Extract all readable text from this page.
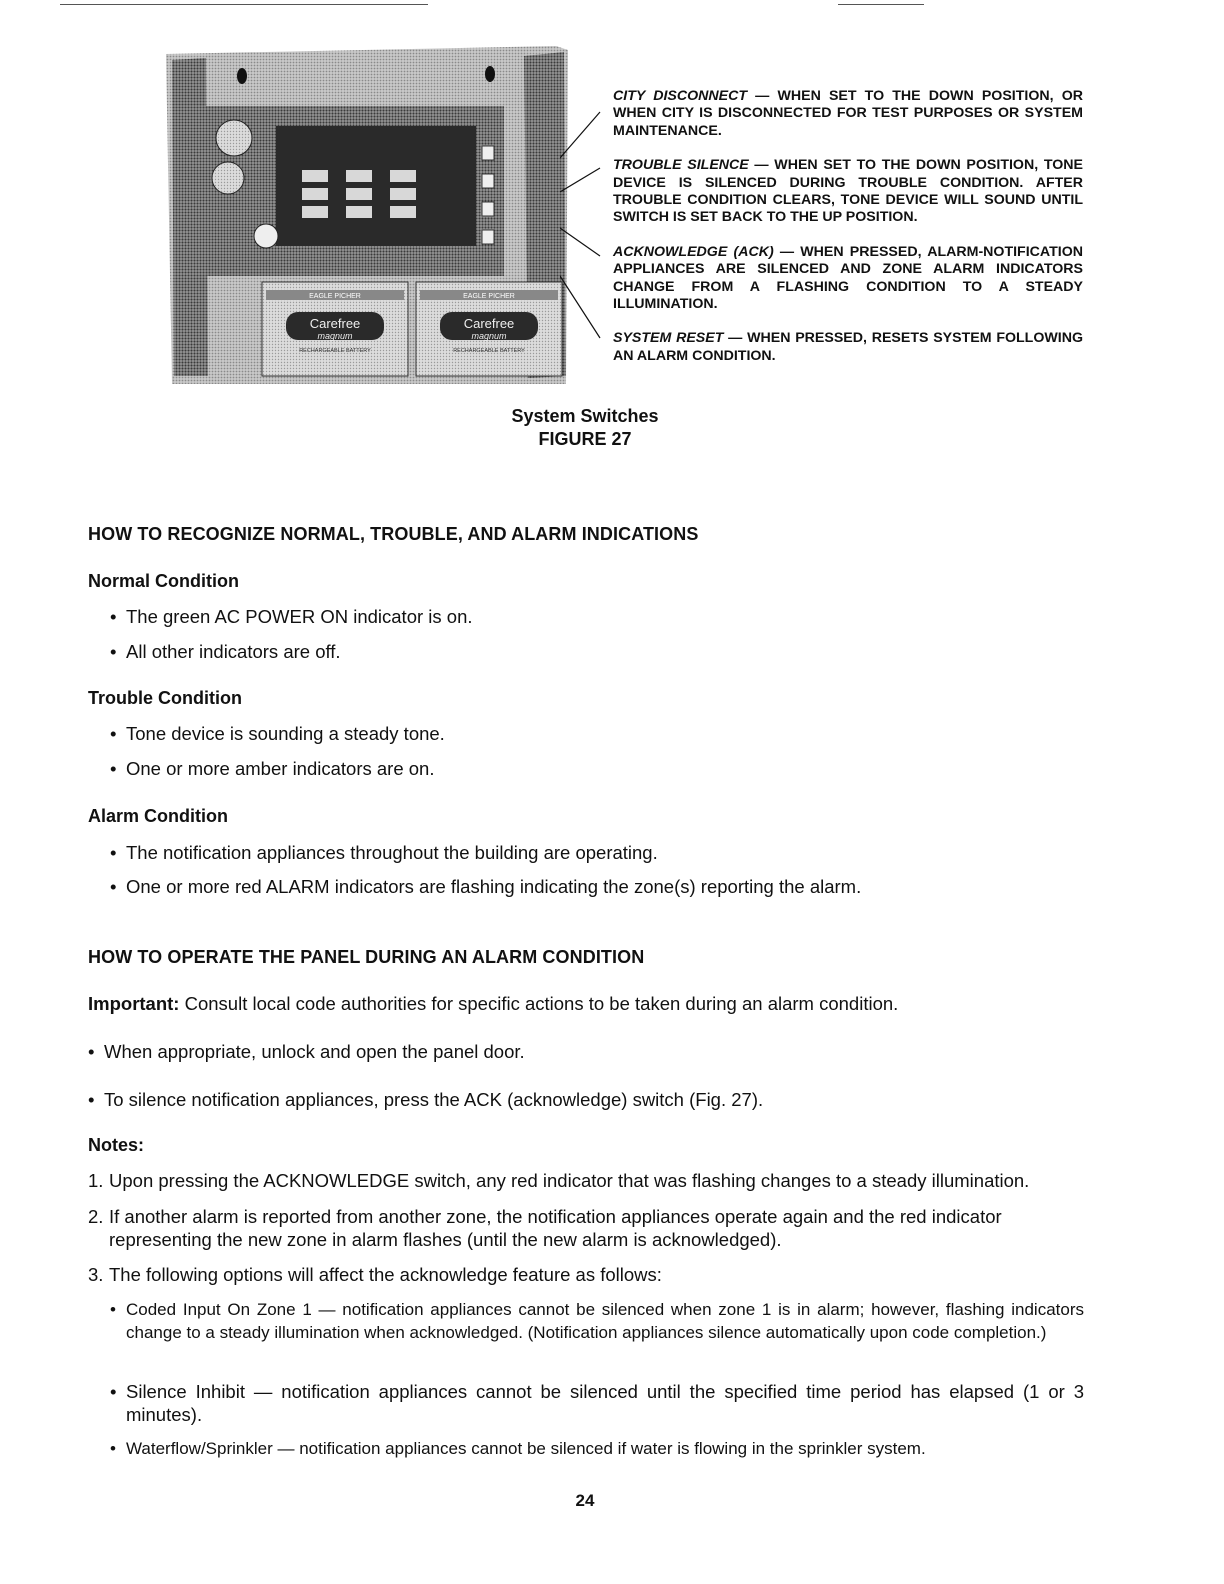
EAGLE PICHER
Carefree
magnum
RECHARGEABLE BATTERY
EAGLE PICHER
Carefree
magnum
RECHARGEABLE BATTERY
CITY DISCONNECT — WHEN SET TO THE DOWN POSITION, OR WHEN CITY IS DISCONNECTED FOR TEST PURPOSES OR SYSTEM MAINTENANCE.
TROUBLE SILENCE — WHEN SET TO THE DOWN POSITION, TONE DEVICE IS SILENCED DURING TROUBLE CONDITION. AFTER TROUBLE CONDITION CLEARS, TONE DEVICE WILL SOUND UNTIL SWITCH IS SET BACK TO THE UP POSITION.
ACKNOWLEDGE (ACK) — WHEN PRESSED, ALARM-NOTIFICATION APPLIANCES ARE SILENCED AND ZONE ALARM INDICATORS CHANGE FROM A FLASHING CONDITION TO A STEADY ILLUMINATION.
SYSTEM RESET — WHEN PRESSED, RESETS SYSTEM FOLLOWING AN ALARM CONDITION.
System Switches
FIGURE 27
HOW TO RECOGNIZE NORMAL, TROUBLE, AND ALARM INDICATIONS
Normal Condition
• The green AC POWER ON indicator is on.
• All other indicators are off.
Trouble Condition
• Tone device is sounding a steady tone.
• One or more amber indicators are on.
Alarm Condition
• The notification appliances throughout the building are operating.
• One or more red ALARM indicators are flashing indicating the zone(s) reporting the alarm.
HOW TO OPERATE THE PANEL DURING AN ALARM CONDITION
Important: Consult local code authorities for specific actions to be taken during an alarm condition.
• When appropriate, unlock and open the panel door.
• To silence notification appliances, press the ACK (acknowledge) switch (Fig. 27).
Notes:
1. Upon pressing the ACKNOWLEDGE switch, any red indicator that was flashing changes to a steady illumination.
2. If another alarm is reported from another zone, the notification appliances operate again and the red indicator representing the new zone in alarm flashes (until the new alarm is acknowledged).
3. The following options will affect the acknowledge feature as follows:
• Coded Input On Zone 1 — notification appliances cannot be silenced when zone 1 is in alarm; however, flashing indicators change to a steady illumination when acknowledged. (Notification appliances silence automatically upon code completion.)
• Silence Inhibit — notification appliances cannot be silenced until the specified time period has elapsed (1 or 3 minutes).
• Waterflow/Sprinkler — notification appliances cannot be silenced if water is flowing in the sprinkler system.
24
